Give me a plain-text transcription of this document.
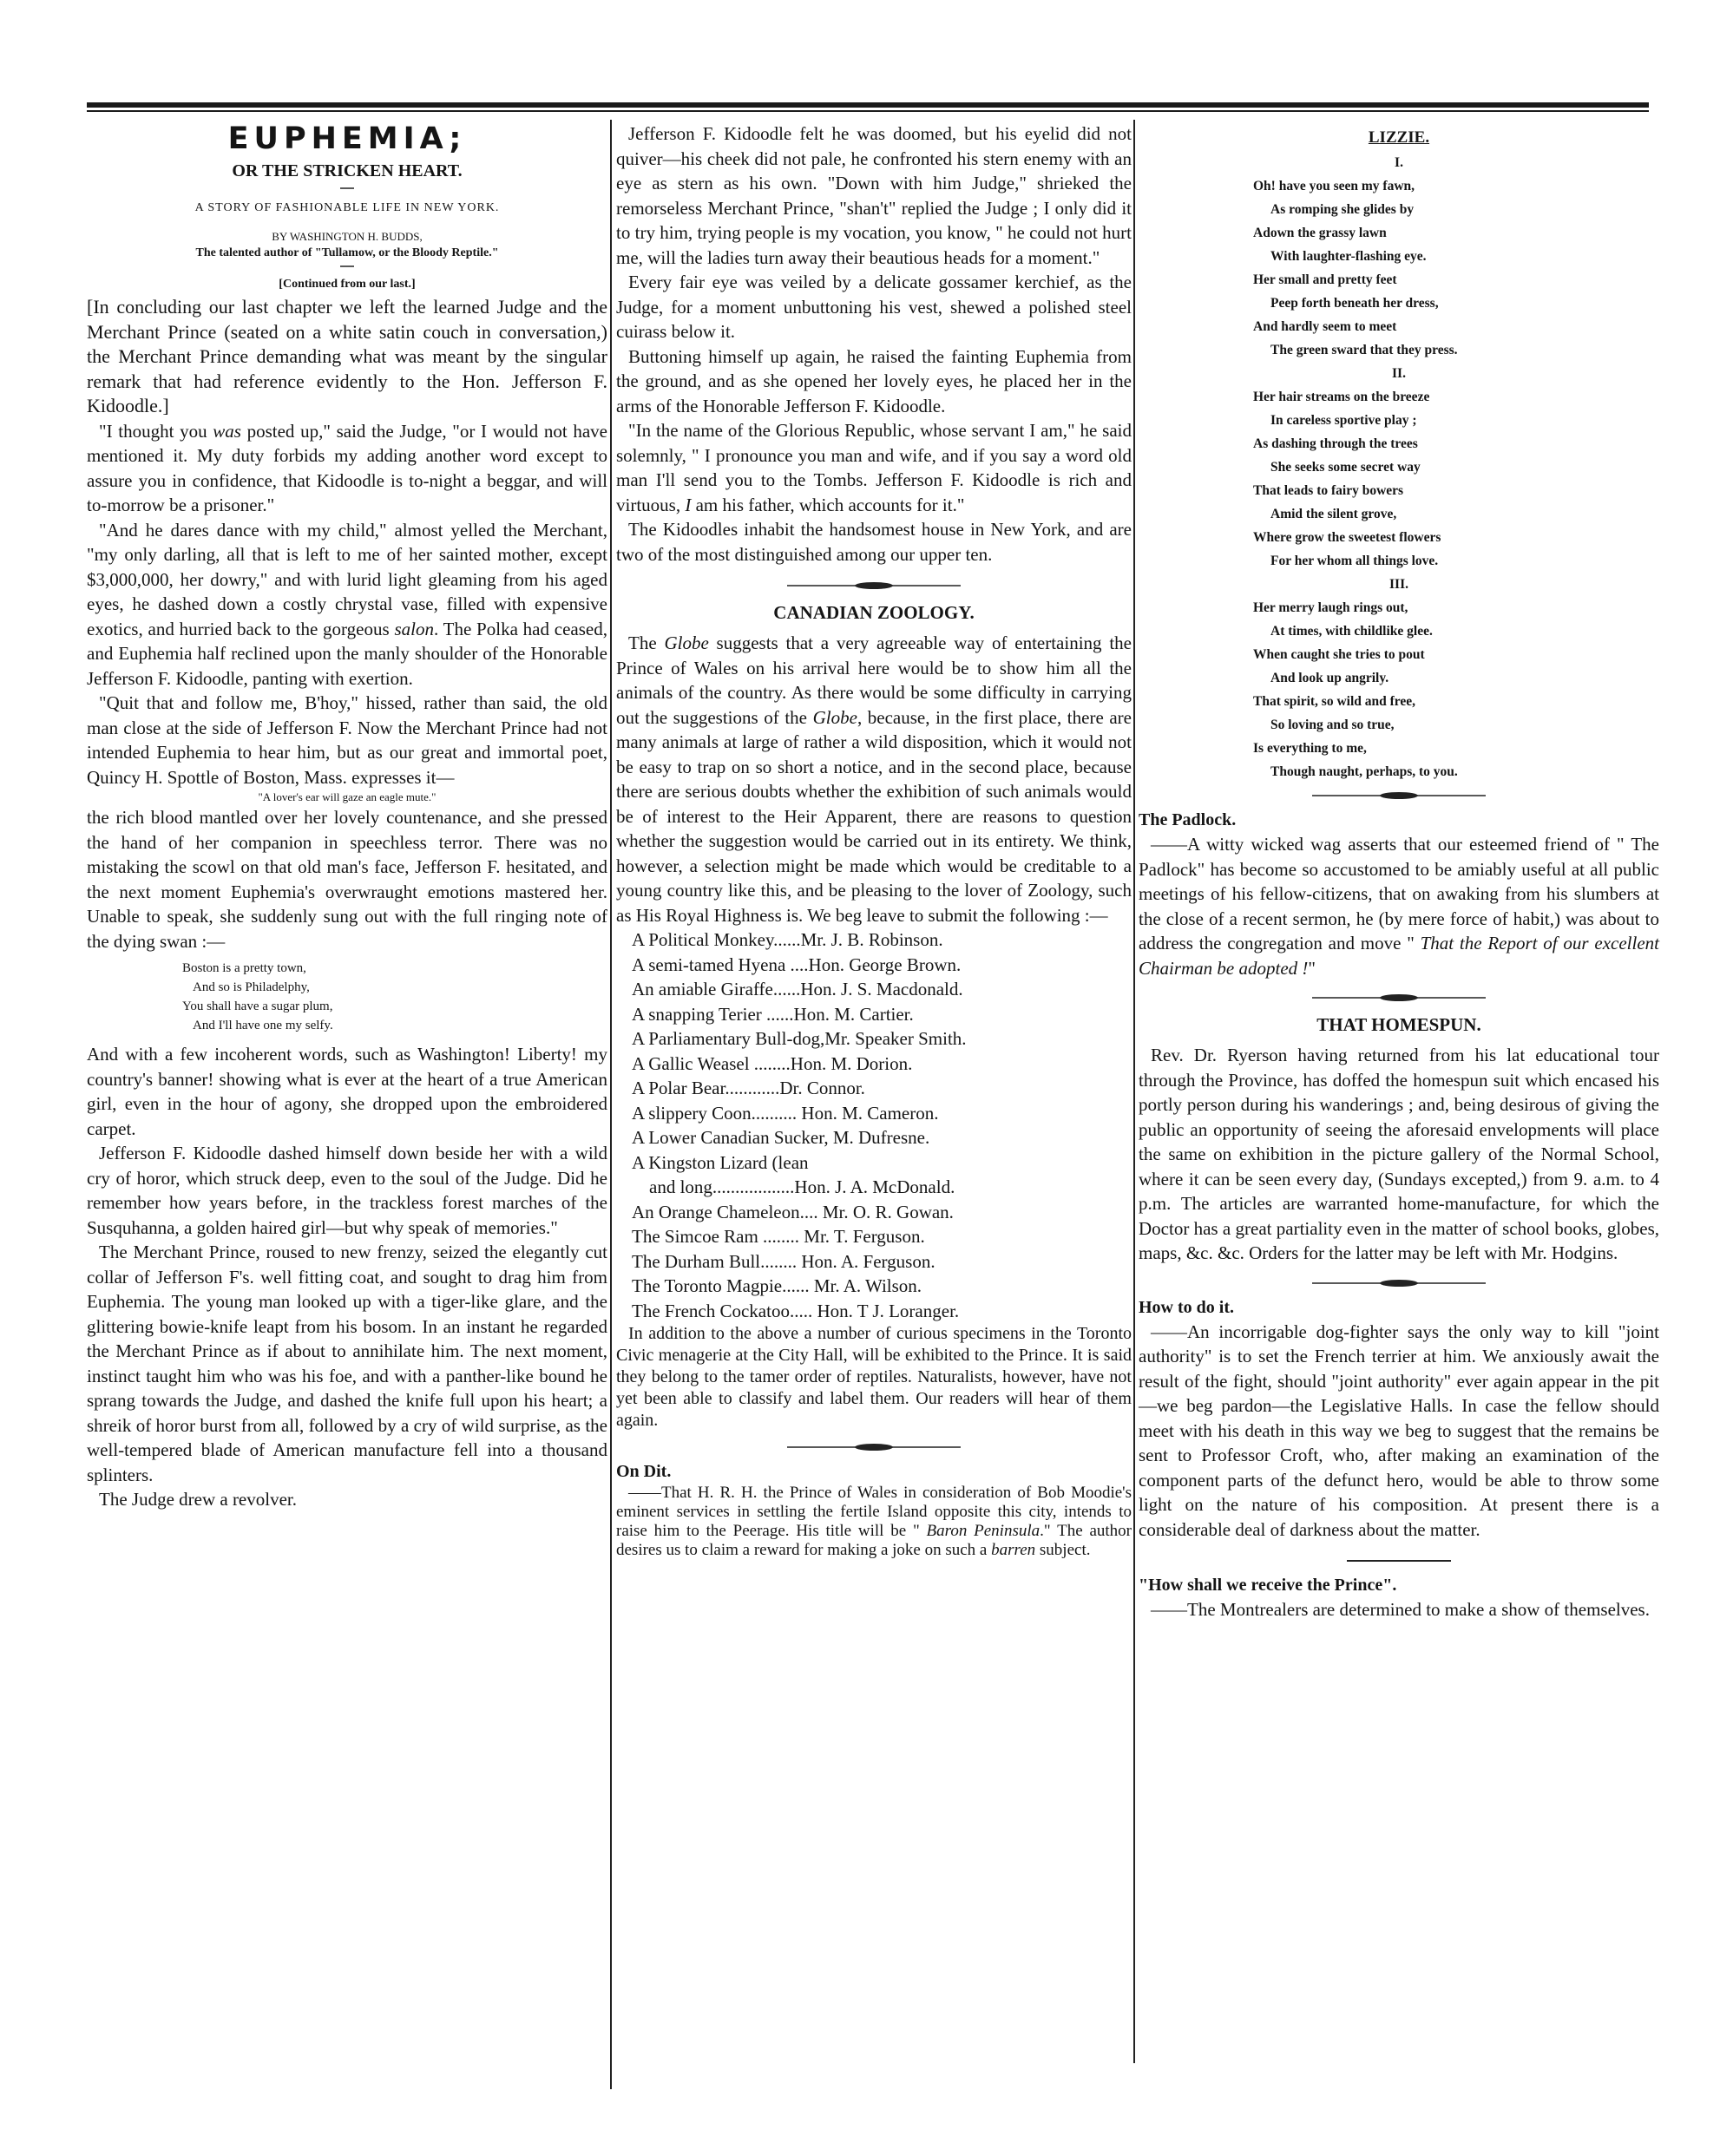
EUPHEMIA;
OR THE STRICKEN HEART.
A STORY OF FASHIONABLE LIFE IN NEW YORK.
BY WASHINGTON H. BUDDS,
The talented author of "Tullamow, or the Bloody Reptile."
[Continued from our last.]

[In concluding our last chapter we left the learned Judge and the Merchant Prince (seated on a white satin couch in conversation,) the Merchant Prince demanding what was meant by the singular remark that had reference evidently to the Hon. Jefferson F. Kidoodle.]

"I thought you was posted up," said the Judge, "or I would not have mentioned it. My duty forbids my adding another word except to assure you in confidence, that Kidoodle is to-night a beggar, and will to-morrow be a prisoner."

"And he dares dance with my child," almost yelled the Merchant, "my only darling, all that is left to me of her sainted mother, except $3,000,000, her dowry," and with lurid light gleaming from his aged eyes, he dashed down a costly chrystal vase, filled with expensive exotics, and hurried back to the gorgeous salon. The Polka had ceased, and Euphemia half reclined upon the manly shoulder of the Honorable Jefferson F. Kidoodle, panting with exertion.

"Quit that and follow me, B'hoy," hissed, rather than said, the old man close at the side of Jefferson F. Now the Merchant Prince had not intended Euphemia to hear him, but as our great and immortal poet, Quincy H. Spottle of Boston, Mass. expresses it—

"A lover's ear will gaze an eagle mute."

the rich blood mantled over her lovely countenance, and she pressed the hand of her companion in speechless terror. There was no mistaking the scowl on that old man's face, Jefferson F. hesitated, and the next moment Euphemia's overwraught emotions mastered her. Unable to speak, she suddenly sung out with the full ringing note of the dying swan :—

Boston is a pretty town,
And so is Philadelphy,
You shall have a sugar plum,
And I'll have one my selfy.

And with a few incoherent words, such as Washington! Liberty! my country's banner! showing what is ever at the heart of a true American girl, even in the hour of agony, she dropped upon the embroidered carpet.

Jefferson F. Kidoodle dashed himself down beside her with a wild cry of horor, which struck deep, even to the soul of the Judge. Did he remember how years before, in the trackless forest marches of the Susquhanna, a golden haired girl—but why speak of memories."

The Merchant Prince, roused to new frenzy, seized the elegantly cut collar of Jefferson F's. well fitting coat, and sought to drag him from Euphemia. The young man looked up with a tiger-like glare, and the glittering bowie-knife leapt from his bosom. In an instant he regarded the Merchant Prince as if about to annihilate him. The next moment, instinct taught him who was his foe, and with a panther-like bound he sprang towards the Judge, and dashed the knife full upon his heart; a shreik of horor burst from all, followed by a cry of wild surprise, as the well-tempered blade of American manufacture fell into a thousand splinters.

The Judge drew a revolver.

Jefferson F. Kidoodle felt he was doomed, but his eyelid did not quiver—his cheek did not pale, he confronted his stern enemy with an eye as stern as his own. "Down with him Judge," shrieked the remorseless Merchant Prince, "shan't" replied the Judge ; I only did it to try him, trying people is my vocation, you know, " he could not hurt me, will the ladies turn away their beautious heads for a moment."

Every fair eye was veiled by a delicate gossamer kerchief, as the Judge, for a moment unbuttoning his vest, shewed a polished steel cuirass below it.

Buttoning himself up again, he raised the fainting Euphemia from the ground, and as she opened her lovely eyes, he placed her in the arms of the Honorable Jefferson F. Kidoodle.

"In the name of the Glorious Republic, whose servant I am," he said solemnly, " I pronounce you man and wife, and if you say a word old man I'll send you to the Tombs. Jefferson F. Kidoodle is rich and virtuous, I am his father, which accounts for it."

The Kidoodles inhabit the handsomest house in New York, and are two of the most distinguished among our upper ten.

CANADIAN ZOOLOGY.

The Globe suggests that a very agreeable way of entertaining the Prince of Wales on his arrival here would be to show him all the animals of the country. As there would be some difficulty in carrying out the suggestions of the Globe, because, in the first place, there are many animals at large of rather a wild disposition, which it would not be easy to trap on so short a notice, and in the second place, because there are serious doubts whether the exhibition of such animals would be of interest to the Heir Apparent, there are reasons to question whether the suggestion would be carried out in its entirety. We think, however, a selection might be made which would be creditable to a young country like this, and be pleasing to the lover of Zoology, such as His Royal Highness is. We beg leave to submit the following :—

A Political Monkey......Mr. J. B. Robinson.
A semi-tamed Hyena ....Hon. George Brown.
An amiable Giraffe......Hon. J. S. Macdonald.
A snapping Terier ......Hon. M. Cartier.
A Parliamentary Bull-dog,Mr. Speaker Smith.
A Gallic Weasel ........Hon. M. Dorion.
A Polar Bear............Dr. Connor.
A slippery Coon.......... Hon. M. Cameron.
A Lower Canadian Sucker, M. Dufresne.
A Kingston Lizard (lean
and long..................Hon. J. A. McDonald.
An Orange Chameleon.... Mr. O. R. Gowan.
The Simcoe Ram ........ Mr. T. Ferguson.
The Durham Bull........ Hon. A. Ferguson.
The Toronto Magpie...... Mr. A. Wilson.
The French Cockatoo..... Hon. T J. Loranger.

In addition to the above a number of curious specimens in the Toronto Civic menagerie at the City Hall, will be exhibited to the Prince. It is said they belong to the tamer order of reptiles. Naturalists, however, have not yet been able to classify and label them. Our readers will hear of them again.

On Dit.

——That H. R. H. the Prince of Wales in consideration of Bob Moodie's eminent services in settling the fertile Island opposite this city, intends to raise him to the Peerage. His title will be " Baron Peninsula." The author desires us to claim a reward for making a joke on such a barren subject.

LIZZIE.
I.
Oh! have you seen my fawn,
As romping she glides by
Adown the grassy lawn
With laughter-flashing eye.
Her small and pretty feet
Peep forth beneath her dress,
And hardly seem to meet
The green sward that they press.
II.
Her hair streams on the breeze
In careless sportive play ;
As dashing through the trees
She seeks some secret way
That leads to fairy bowers
Amid the silent grove,
Where grow the sweetest flowers
For her whom all things love.
III.
Her merry laugh rings out,
At times, with childlike glee.
When caught she tries to pout
And look up angrily.
That spirit, so wild and free,
So loving and so true,
Is everything to me,
Though naught, perhaps, to you.
The Padlock.

——A witty wicked wag asserts that our esteemed friend of " The Padlock" has become so accustomed to be amiably useful at all public meetings of his fellow-citizens, that on awaking from his slumbers at the close of a recent sermon, he (by mere force of habit,) was about to address the congregation and move " That the Report of our excellent Chairman be adopted !"

THAT HOMESPUN.

Rev. Dr. Ryerson having returned from his lat educational tour through the Province, has doffed the homespun suit which encased his portly person during his wanderings ; and, being desirous of giving the public an opportunity of seeing the aforesaid envelopments will place the same on exhibition in the picture gallery of the Normal School, where it can be seen every day, (Sundays excepted,) from 9. a.m. to 4 p.m. The articles are warranted home-manufacture, for which the Doctor has a great partiality even in the matter of school books, globes, maps, &c. &c. Orders for the latter may be left with Mr. Hodgins.

How to do it.

——An incorrigable dog-fighter says the only way to kill "joint authority" is to set the French terrier at him. We anxiously await the result of the fight, should "joint authority" ever again appear in the pit—we beg pardon—the Legislative Halls. In case the fellow should meet with his death in this way we beg to suggest that the remains be sent to Professor Croft, who, after making an examination of the component parts of the defunct hero, would be able to throw some light on the nature of his composition. At present there is a considerable deal of darkness about the matter.

"How shall we receive the Prince".

——The Montrealers are determined to make a show of themselves.
